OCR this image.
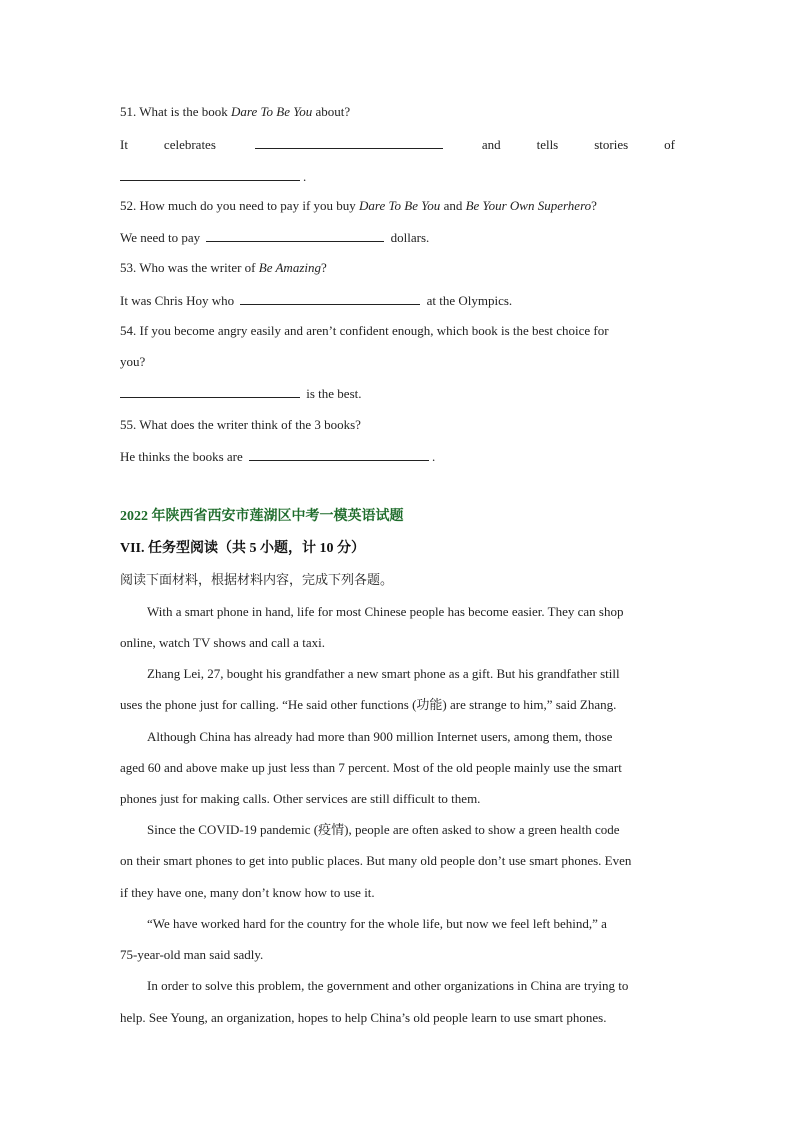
51. What is the book Dare To Be You about?
It	celebrates	and	tells	stories	of
.
52. How much do you need to pay if you buy Dare To Be You and Be Your Own Superhero?
We need to pay	dollars.
53. Who was the writer of Be Amazing?
It was Chris Hoy who	at the Olympics.
54. If you become angry easily and aren’t confident enough, which book is the best choice for
you?
is the best.
55. What does the writer think of the 3 books?
He thinks the books are	.
2022 年陕西省西安市莲湖区中考一模英语试题
VII. 任务型阅读（共 5 小题，计 10 分）
阅读下面材料，根据材料内容，完成下列各题。
With a smart phone in hand, life for most Chinese people has become easier. They can shop
online, watch TV shows and call a taxi.
Zhang Lei, 27, bought his grandfather a new smart phone as a gift. But his grandfather still
uses the phone just for calling. “He said other functions (功能) are strange to him,” said Zhang.
Although China has already had more than 900 million Internet users, among them, those
aged 60 and above make up just less than 7 percent. Most of the old people mainly use the smart
phones just for making calls. Other services are still difficult to them.
Since the COVID-19 pandemic (疫情), people are often asked to show a green health code
on their smart phones to get into public places. But many old people don’t use smart phones. Even
if they have one, many don’t know how to use it.
“We have worked hard for the country for the whole life, but now we feel left behind,” a
75-year-old man said sadly.
In order to solve this problem, the government and other organizations in China are trying to
help. See Young, an organization, hopes to help China’s old people learn to use smart phones.
